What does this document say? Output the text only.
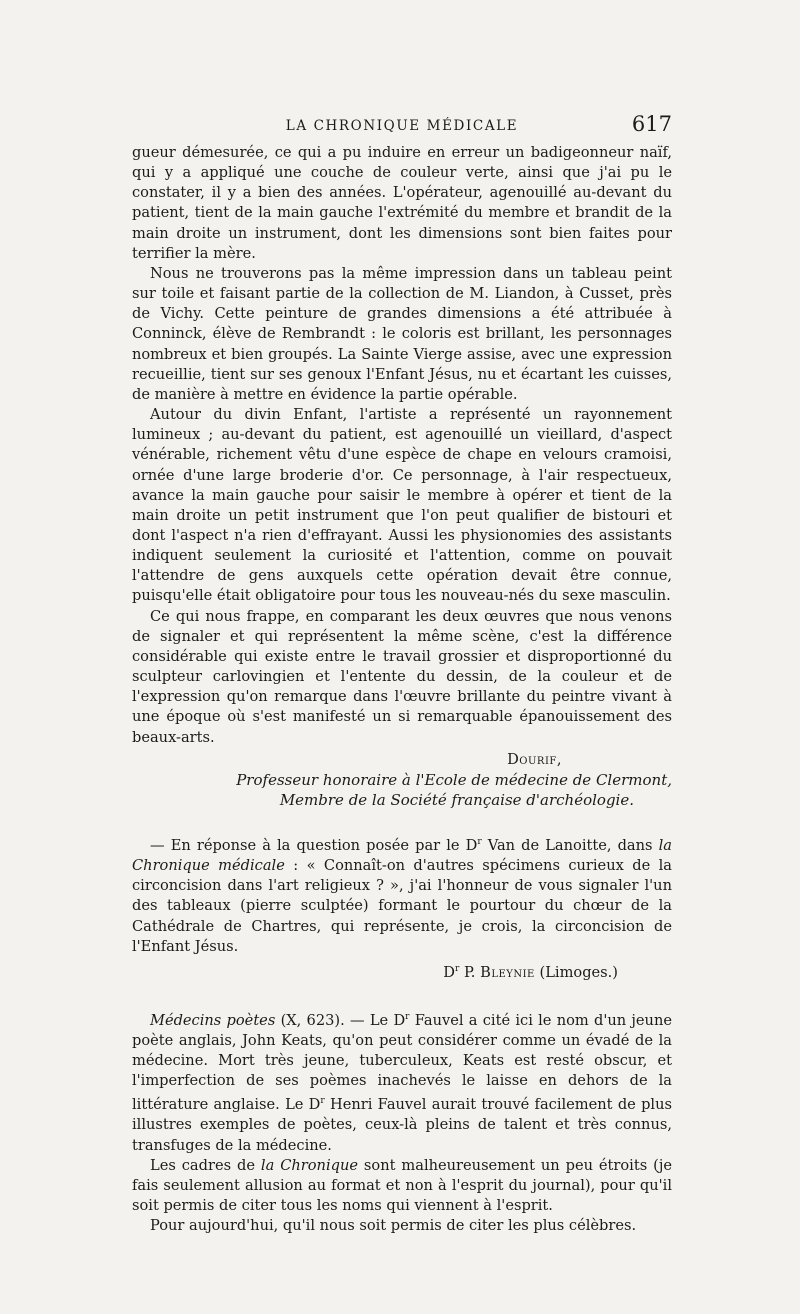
LA CHRONIQUE MÉDICALE	617

gueur démesurée, ce qui a pu induire en erreur un badigeonneur naïf, qui y a appliqué une couche de couleur verte, ainsi que j'ai pu le constater, il y a bien des années. L'opérateur, agenouillé au-devant du patient, tient de la main gauche l'extrémité du membre et brandit de la main droite un instrument, dont les dimensions sont bien faites pour terrifier la mère.

Nous ne trouverons pas la même impression dans un tableau peint sur toile et faisant partie de la collection de M. Liandon, à Cusset, près de Vichy. Cette peinture de grandes dimensions a été attribuée à Conninck, élève de Rembrandt : le coloris est brillant, les personnages nombreux et bien groupés. La Sainte Vierge assise, avec une expression recueillie, tient sur ses genoux l'Enfant Jésus, nu et écartant les cuisses, de manière à mettre en évidence la partie opérable.

Autour du divin Enfant, l'artiste a représenté un rayonnement lumineux ; au-devant du patient, est agenouillé un vieillard, d'aspect vénérable, richement vêtu d'une espèce de chape en velours cramoisi, ornée d'une large broderie d'or. Ce personnage, à l'air respectueux, avance la main gauche pour saisir le membre à opérer et tient de la main droite un petit instrument que l'on peut qualifier de bistouri et dont l'aspect n'a rien d'effrayant. Aussi les physionomies des assistants indiquent seulement la curiosité et l'attention, comme on pouvait l'attendre de gens auxquels cette opération devait être connue, puisqu'elle était obligatoire pour tous les nouveau-nés du sexe masculin.

Ce qui nous frappe, en comparant les deux œuvres que nous venons de signaler et qui représentent la même scène, c'est la différence considérable qui existe entre le travail grossier et disproportionné du sculpteur carlovingien et l'entente du dessin, de la couleur et de l'expression qu'on remarque dans l'œuvre brillante du peintre vivant à une époque où s'est manifesté un si remarquable épanouissement des beaux-arts.

Dourif,
Professeur honoraire à l'Ecole de médecine de Clermont,
Membre de la Société française d'archéologie.

— En réponse à la question posée par le $D^r$ Van de Lanoitte, dans la Chronique médicale : « Connaît-on d'autres spécimens curieux de la circoncision dans l'art religieux ? », j'ai l'honneur de vous signaler l'un des tableaux (pierre sculptée) formant le pourtour du chœur de la Cathédrale de Chartres, qui représente, je crois, la circoncision de l'Enfant Jésus.

$D^r$ P. Bleynie (Limoges.)

Médecins poètes (X, 623). — Le $D^r$ Fauvel a cité ici le nom d'un jeune poète anglais, John Keats, qu'on peut considérer comme un évadé de la médecine. Mort très jeune, tuberculeux, Keats est resté obscur, et l'imperfection de ses poèmes inachevés le laisse en dehors de la littérature anglaise. Le $D^r$ Henri Fauvel aurait trouvé facilement de plus illustres exemples de poètes, ceux-là pleins de talent et très connus, transfuges de la médecine.

Les cadres de la Chronique sont malheureusement un peu étroits (je fais seulement allusion au format et non à l'esprit du journal), pour qu'il soit permis de citer tous les noms qui viennent à l'esprit.

Pour aujourd'hui, qu'il nous soit permis de citer les plus célèbres.
